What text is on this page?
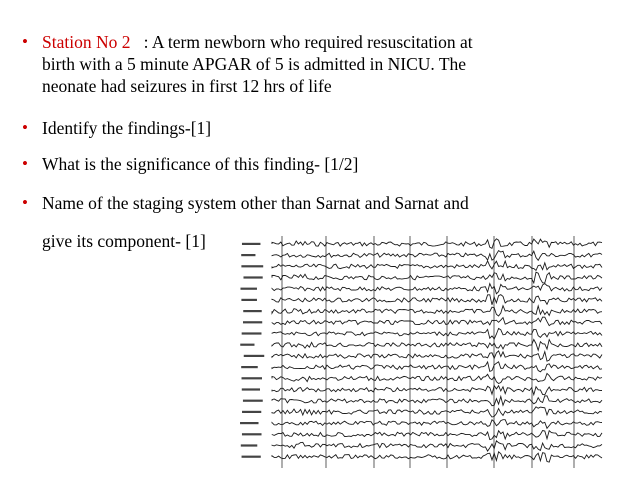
• Station No 2 : A term newborn who required resuscitation at
birth with a 5 minute APGAR of 5 is admitted in NICU. The
neonate had seizures in first 12 hrs of life
• Identify the findings-[1]
• What is the significance of this finding- [1/2]
• Name of the staging system other than Sarnat and Sarnat and
give its component- [1]
